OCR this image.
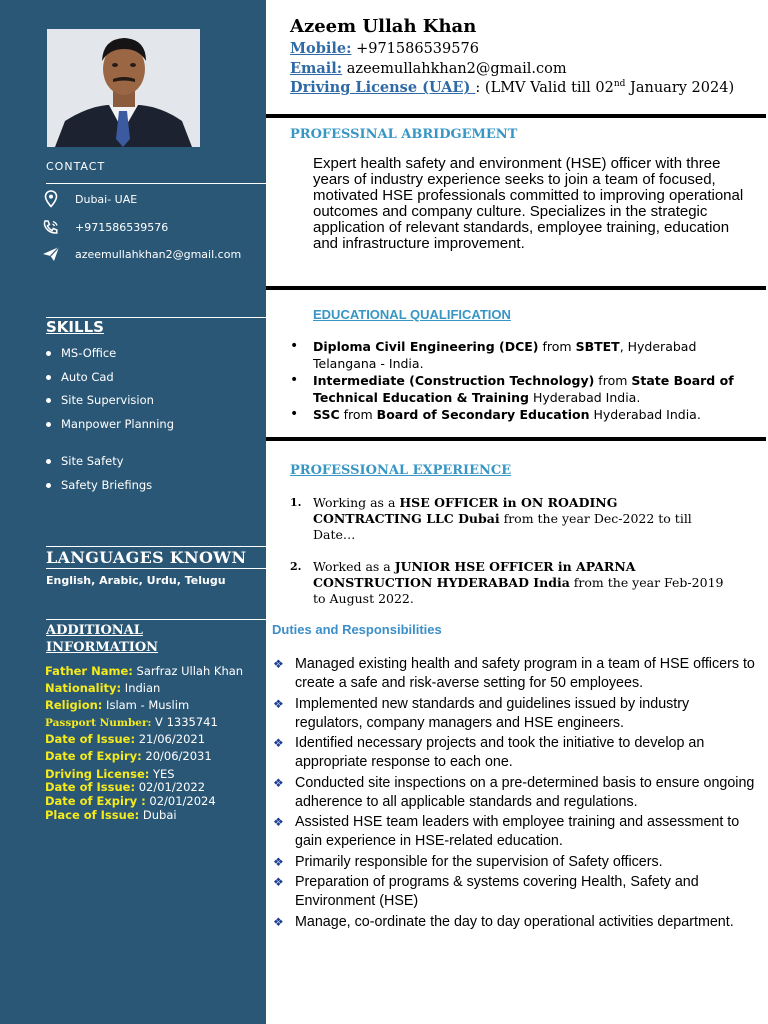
CONTACT
Dubai- UAE
+971586539576
azeemullahkhan2@gmail.com
SKILLS
MS-Office
Auto Cad
Site Supervision
Manpower Planning
Site Safety
Safety Briefings
LANGUAGES KNOWN
English, Arabic, Urdu, Telugu
ADDITIONAL
INFORMATION
Father Name: Sarfraz Ullah Khan
Nationality: Indian
Religion: Islam - Muslim
Passport Number: V 1335741
Date of Issue: 21/06/2021
Date of Expiry: 20/06/2031
Driving License: YES
Date of Issue: 02/01/2022
Date of Expiry : 02/01/2024
Place of Issue: Dubai
Azeem Ullah Khan
Mobile: +971586539576
Email: azeemullahkhan2@gmail.com
Driving License (UAE) : (LMV Valid till 02nd January 2024)
PROFESSINAL ABRIDGEMENT
Expert health safety and environment (HSE) officer with three years of industry experience seeks to join a team of focused, motivated HSE professionals committed to improving operational outcomes and company culture. Specializes in the strategic application of relevant standards, employee training, education and infrastructure improvement.
EDUCATIONAL QUALIFICATION
•	Diploma Civil Engineering (DCE) from SBTET, Hyderabad Telangana - India.
•	Intermediate (Construction Technology) from State Board of Technical Education & Training Hyderabad India.
•	SSC from Board of Secondary Education Hyderabad India.
PROFESSIONAL EXPERIENCE
1. Working as a HSE OFFICER in ON ROADING CONTRACTING LLC Dubai from the year Dec-2022 to till Date…
2. Worked as a JUNIOR HSE OFFICER in APARNA CONSTRUCTION HYDERABAD India from the year Feb-2019 to August 2022.
Duties and Responsibilities
❖ Managed existing health and safety program in a team of HSE officers to create a safe and risk-averse setting for 50 employees.
❖ Implemented new standards and guidelines issued by industry regulators, company managers and HSE engineers.
❖ Identified necessary projects and took the initiative to develop an appropriate response to each one.
❖ Conducted site inspections on a pre-determined basis to ensure ongoing adherence to all applicable standards and regulations.
❖ Assisted HSE team leaders with employee training and assessment to gain experience in HSE-related education.
❖ Primarily responsible for the supervision of Safety officers.
❖ Preparation of programs & systems covering Health, Safety and Environment (HSE)
❖ Manage, co-ordinate the day to day operational activities department.
